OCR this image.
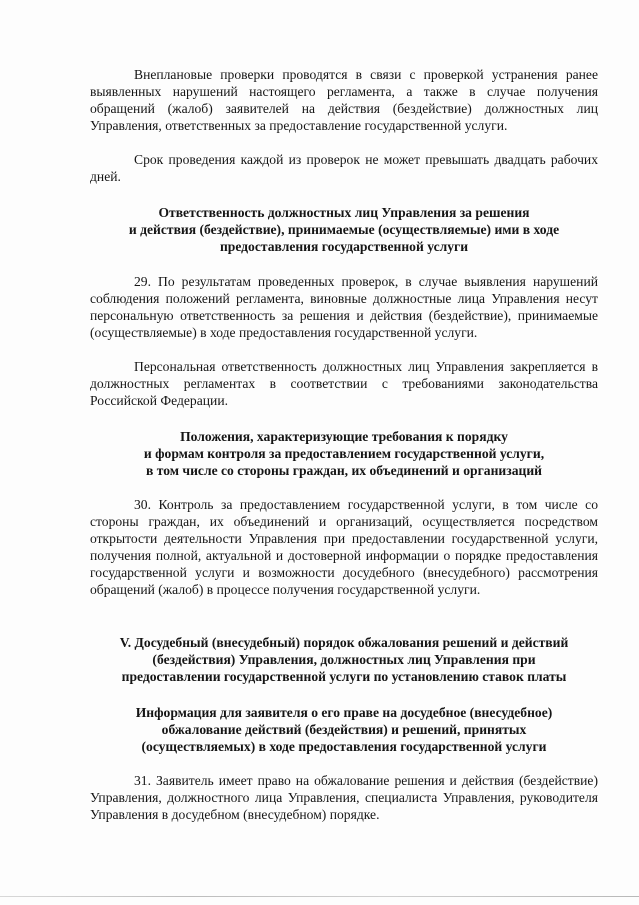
Внеплановые проверки проводятся в связи с проверкой устранения ранее выявленных нарушений настоящего регламента, а также в случае получения обращений (жалоб) заявителей на действия (бездействие) должностных лиц Управления, ответственных за предоставление государственной услуги.
Срок проведения каждой из проверок не может превышать двадцать рабочих дней.
Ответственность должностных лиц Управления за решения
и действия (бездействие), принимаемые (осуществляемые) ими в ходе
предоставления государственной услуги
29. По результатам проведенных проверок, в случае выявления нарушений соблюдения положений регламента, виновные должностные лица Управления несут персональную ответственность за решения и действия (бездействие), принимаемые (осуществляемые) в ходе предоставления государственной услуги.
Персональная ответственность должностных лиц Управления закрепляется в должностных регламентах в соответствии с требованиями законодательства Российской Федерации.
Положения, характеризующие требования к порядку
и формам контроля за предоставлением государственной услуги,
в том числе со стороны граждан, их объединений и организаций
30. Контроль за предоставлением государственной услуги, в том числе со стороны граждан, их объединений и организаций, осуществляется посредством открытости деятельности Управления при предоставлении государственной услуги, получения полной, актуальной и достоверной информации о порядке предоставления государственной услуги и возможности досудебного (внесудебного) рассмотрения обращений (жалоб) в процессе получения государственной услуги.
V. Досудебный (внесудебный) порядок обжалования решений и действий
(бездействия) Управления, должностных лиц Управления при
предоставлении государственной услуги по установлению ставок платы
Информация для заявителя о его праве на досудебное (внесудебное)
обжалование действий (бездействия) и решений, принятых
(осуществляемых) в ходе предоставления государственной услуги
31. Заявитель имеет право на обжалование решения и действия (бездействие) Управления, должностного лица Управления, специалиста Управления, руководителя Управления в досудебном (внесудебном) порядке.
